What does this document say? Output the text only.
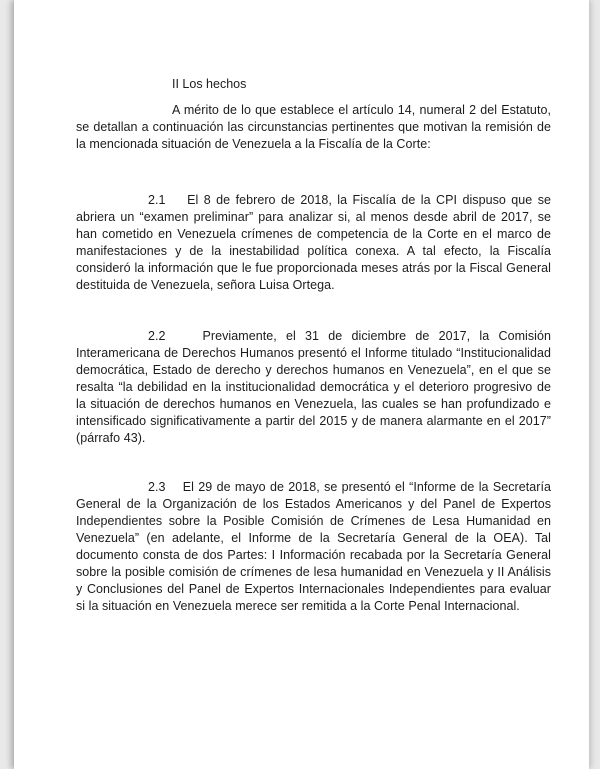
II Los hechos

A mérito de lo que establece el artículo 14, numeral 2 del Estatuto, se detallan a continuación las circunstancias pertinentes que motivan la remisión de la mencionada situación de Venezuela a la Fiscalía de la Corte:

2.1 El 8 de febrero de 2018, la Fiscalía de la CPI dispuso que se abriera un “examen preliminar” para analizar si, al menos desde abril de 2017, se han cometido en Venezuela crímenes de competencia de la Corte en el marco de manifestaciones y de la inestabilidad política conexa. A tal efecto, la Fiscalía consideró la información que le fue proporcionada meses atrás por la Fiscal General destituida de Venezuela, señora Luisa Ortega.

2.2	Previamente, el 31 de diciembre de 2017, la Comisión Interamericana de Derechos Humanos presentó el Informe titulado “Institucionalidad democrática, Estado de derecho y derechos humanos en Venezuela”, en el que se resalta “la debilidad en la institucionalidad democrática y el deterioro progresivo de la situación de derechos humanos en Venezuela, las cuales se han profundizado e intensificado significativamente a partir del 2015 y de manera alarmante en el 2017” (párrafo 43).

2.3 El 29 de mayo de 2018, se presentó el “Informe de la Secretaría General de la Organización de los Estados Americanos y del Panel de Expertos Independientes sobre la Posible Comisión de Crímenes de Lesa Humanidad en Venezuela” (en adelante, el Informe de la Secretaría General de la OEA). Tal documento consta de dos Partes: I Información recabada por la Secretaría General sobre la posible comisión de crímenes de lesa humanidad en Venezuela y II Análisis y Conclusiones del Panel de Expertos Internacionales Independientes para evaluar si la situación en Venezuela merece ser remitida a la Corte Penal Internacional.
